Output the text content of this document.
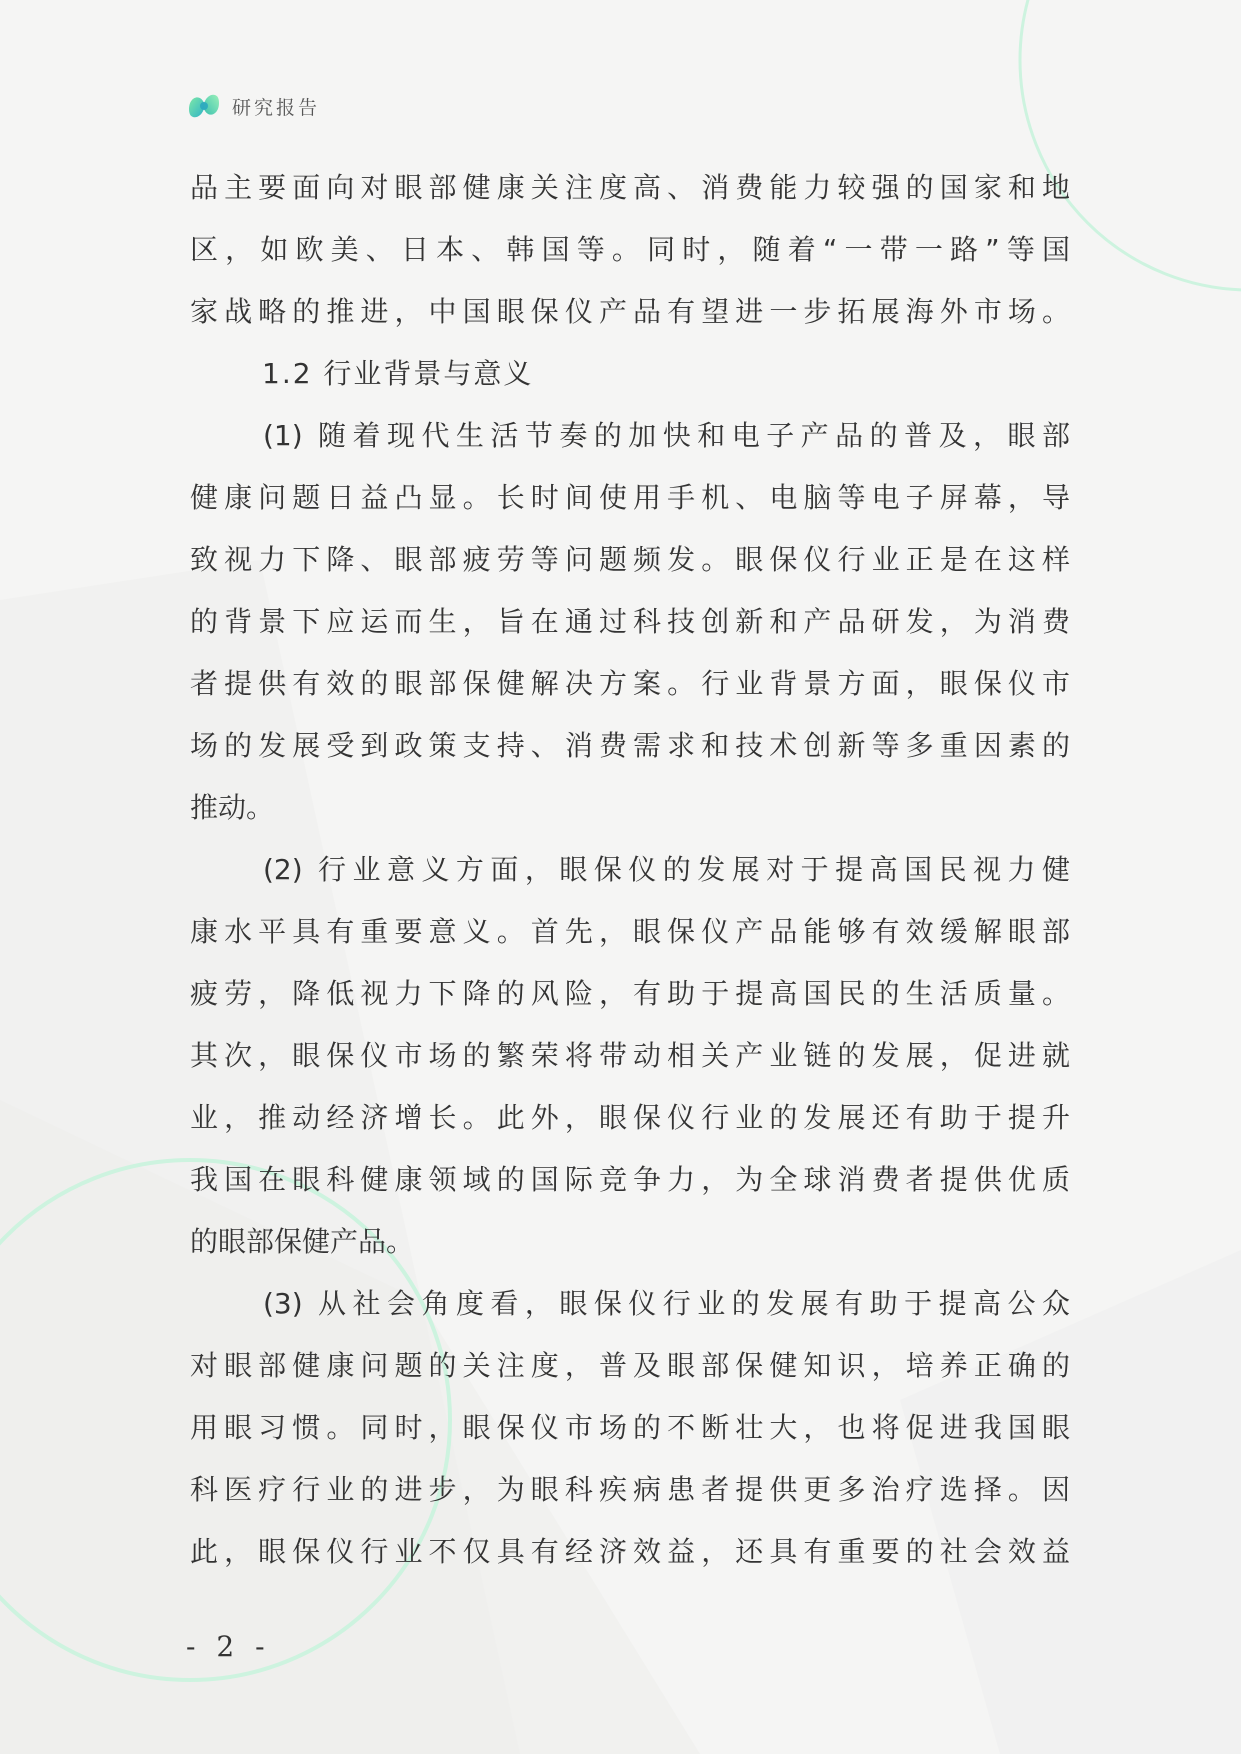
研究报告
品主要面向对眼部健康关注度高、消费能力较强的国家和地
区，如欧美、日本、韩国等。同时，随着“一带一路”等国
家战略的推进，中国眼保仪产品有望进一步拓展海外市场。
1.2 行业背景与意义
(1) 随着现代生活节奏的加快和电子产品的普及，眼部
健康问题日益凸显。长时间使用手机、电脑等电子屏幕，导
致视力下降、眼部疲劳等问题频发。眼保仪行业正是在这样
的背景下应运而生，旨在通过科技创新和产品研发，为消费
者提供有效的眼部保健解决方案。行业背景方面，眼保仪市
场的发展受到政策支持、消费需求和技术创新等多重因素的
推动。
(2) 行业意义方面，眼保仪的发展对于提高国民视力健
康水平具有重要意义。首先，眼保仪产品能够有效缓解眼部
疲劳，降低视力下降的风险，有助于提高国民的生活质量。
其次，眼保仪市场的繁荣将带动相关产业链的发展，促进就
业，推动经济增长。此外，眼保仪行业的发展还有助于提升
我国在眼科健康领域的国际竞争力，为全球消费者提供优质
的眼部保健产品。
(3) 从社会角度看，眼保仪行业的发展有助于提高公众
对眼部健康问题的关注度，普及眼部保健知识，培养正确的
用眼习惯。同时，眼保仪市场的不断壮大，也将促进我国眼
科医疗行业的进步，为眼科疾病患者提供更多治疗选择。因
此，眼保仪行业不仅具有经济效益，还具有重要的社会效益
- 2 -
